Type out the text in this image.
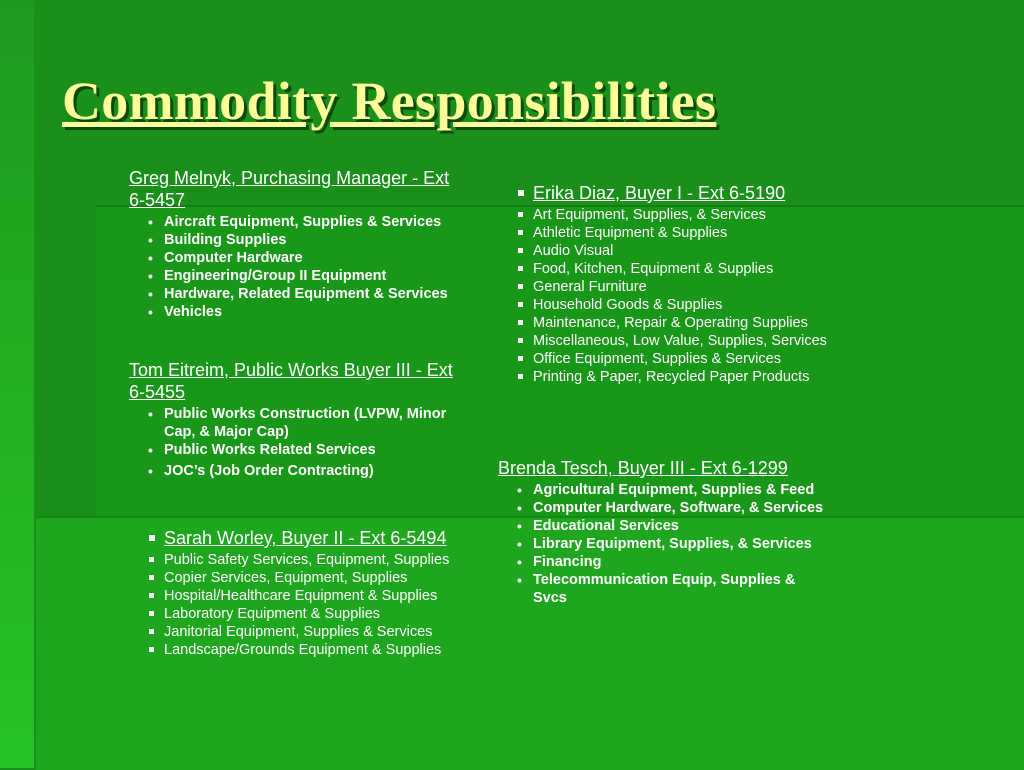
Commodity Responsibilities
Greg Melnyk, Purchasing Manager - Ext 6-5457
• Aircraft Equipment, Supplies & Services
• Building Supplies
• Computer Hardware
• Engineering/Group II Equipment
• Hardware, Related Equipment & Services
• Vehicles
Tom Eitreim, Public Works Buyer III - Ext 6-5455
• Public Works Construction (LVPW, Minor Cap, & Major Cap)
• Public Works Related Services
• JOC’s (Job Order Contracting)
Sarah Worley, Buyer II - Ext 6-5494
Public Safety Services, Equipment, Supplies
Copier Services, Equipment, Supplies
Hospital/Healthcare Equipment & Supplies
Laboratory Equipment & Supplies
Janitorial Equipment, Supplies & Services
Landscape/Grounds Equipment & Supplies
Erika Diaz, Buyer I - Ext 6-5190
Art Equipment, Supplies, & Services
Athletic Equipment & Supplies
Audio Visual
Food, Kitchen, Equipment & Supplies
General Furniture
Household Goods & Supplies
Maintenance, Repair & Operating Supplies
Miscellaneous, Low Value, Supplies, Services
Office Equipment, Supplies & Services
Printing & Paper, Recycled Paper Products
Brenda Tesch, Buyer III - Ext 6-1299
• Agricultural Equipment, Supplies & Feed
• Computer Hardware, Software, & Services
• Educational Services
• Library Equipment, Supplies, & Services
• Financing
• Telecommunication Equip, Supplies & Svcs
